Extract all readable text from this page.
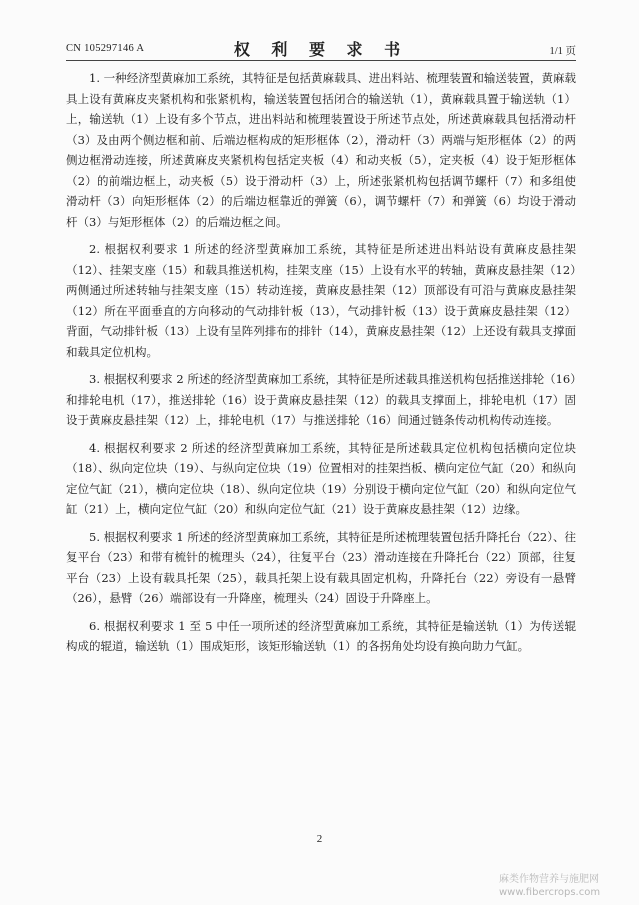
CN 105297146 A	权 利 要 求 书	1/1 页

1. 一种经济型黄麻加工系统，其特征是包括黄麻载具、进出料站、梳理装置和输送装置，黄麻载具上设有黄麻皮夹紧机构和张紧机构，输送装置包括闭合的输送轨（1），黄麻载具置于输送轨（1）上，输送轨（1）上设有多个节点，进出料站和梳理装置设于所述节点处，所述黄麻载具包括滑动杆（3）及由两个侧边框和前、后端边框构成的矩形框体（2），滑动杆（3）两端与矩形框体（2）的两侧边框滑动连接，所述黄麻皮夹紧机构包括定夹板（4）和动夹板（5），定夹板（4）设于矩形框体（2）的前端边框上，动夹板（5）设于滑动杆（3）上，所述张紧机构包括调节螺杆（7）和多组使滑动杆（3）向矩形框体（2）的后端边框靠近的弹簧（6），调节螺杆（7）和弹簧（6）均设于滑动杆（3）与矩形框体（2）的后端边框之间。

2. 根据权利要求 1 所述的经济型黄麻加工系统，其特征是所述进出料站设有黄麻皮悬挂架（12）、挂架支座（15）和载具推送机构，挂架支座（15）上设有水平的转轴，黄麻皮悬挂架（12）两侧通过所述转轴与挂架支座（15）转动连接，黄麻皮悬挂架（12）顶部设有可沿与黄麻皮悬挂架（12）所在平面垂直的方向移动的气动排针板（13），气动排针板（13）设于黄麻皮悬挂架（12）背面，气动排针板（13）上设有呈阵列排布的排针（14），黄麻皮悬挂架（12）上还设有载具支撑面和载具定位机构。

3. 根据权利要求 2 所述的经济型黄麻加工系统，其特征是所述载具推送机构包括推送排轮（16）和排轮电机（17），推送排轮（16）设于黄麻皮悬挂架（12）的载具支撑面上，排轮电机（17）固设于黄麻皮悬挂架（12）上，排轮电机（17）与推送排轮（16）间通过链条传动机构传动连接。

4. 根据权利要求 2 所述的经济型黄麻加工系统，其特征是所述载具定位机构包括横向定位块（18）、纵向定位块（19）、与纵向定位块（19）位置相对的挂架挡板、横向定位气缸（20）和纵向定位气缸（21），横向定位块（18）、纵向定位块（19）分别设于横向定位气缸（20）和纵向定位气缸（21）上，横向定位气缸（20）和纵向定位气缸（21）设于黄麻皮悬挂架（12）边缘。

5. 根据权利要求 1 所述的经济型黄麻加工系统，其特征是所述梳理装置包括升降托台（22）、往复平台（23）和带有梳针的梳理头（24），往复平台（23）滑动连接在升降托台（22）顶部，往复平台（23）上设有载具托架（25），载具托架上设有载具固定机构，升降托台（22）旁设有一悬臂（26），悬臂（26）端部设有一升降座，梳理头（24）固设于升降座上。

6. 根据权利要求 1 至 5 中任一项所述的经济型黄麻加工系统，其特征是输送轨（1）为传送辊构成的辊道，输送轨（1）围成矩形，该矩形输送轨（1）的各拐角处均设有换向助力气缸。

2
麻类作物营养与施肥网
www.fibercrops.com
